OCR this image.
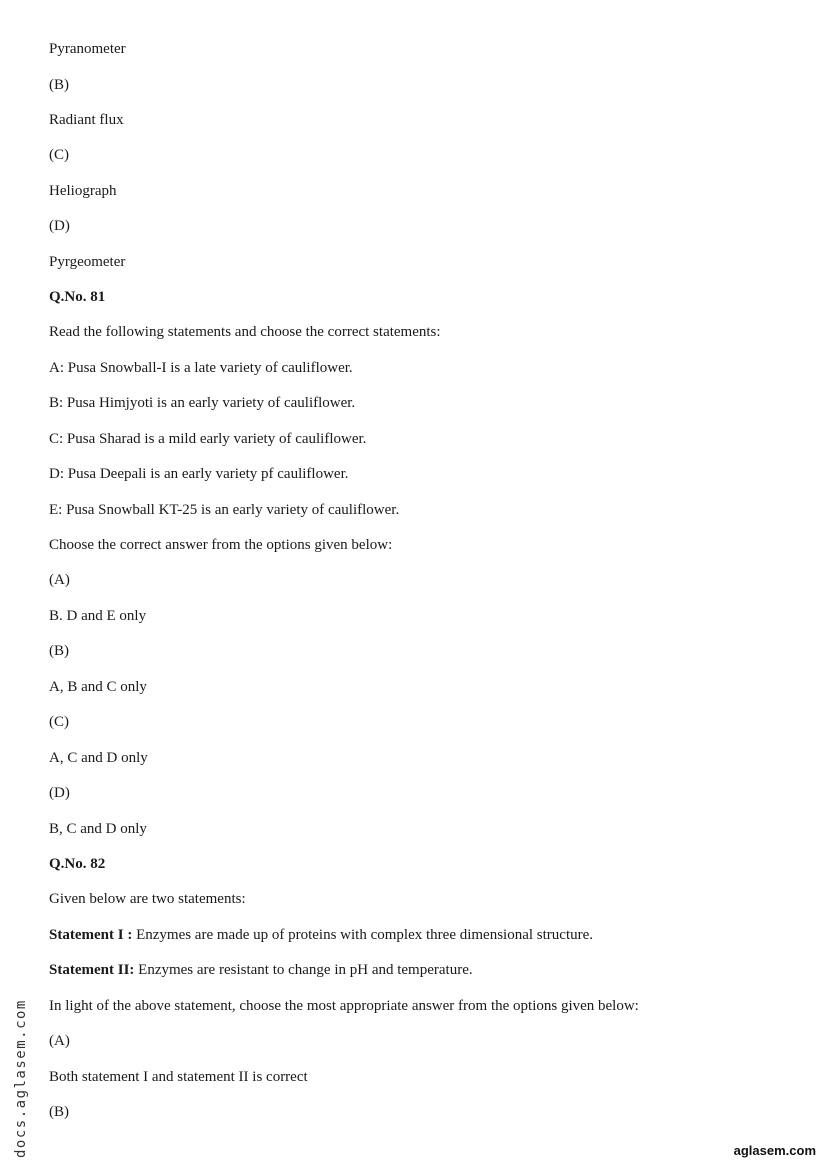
Pyranometer
(B)
Radiant flux
(C)
Heliograph
(D)
Pyrgeometer
Q.No. 81
Read the following statements and choose the correct statements:
A: Pusa Snowball-I is a late variety of cauliflower.
B: Pusa Himjyoti is an early variety of cauliflower.
C: Pusa Sharad is a mild early variety of cauliflower.
D: Pusa Deepali is an early variety pf cauliflower.
E: Pusa Snowball KT-25 is an early variety of cauliflower.
Choose the correct answer from the options given below:
(A)
B. D and E only
(B)
A, B and C only
(C)
A, C and D only
(D)
B, C and D only
Q.No. 82
Given below are two statements:
Statement I : Enzymes are made up of proteins with complex three dimensional structure.
Statement II: Enzymes are resistant to change in pH and temperature.
In light of the above statement, choose the most appropriate answer from the options given below:
(A)
Both statement I and statement II is correct
(B)
docs.aglasem.com	aglasem.com
